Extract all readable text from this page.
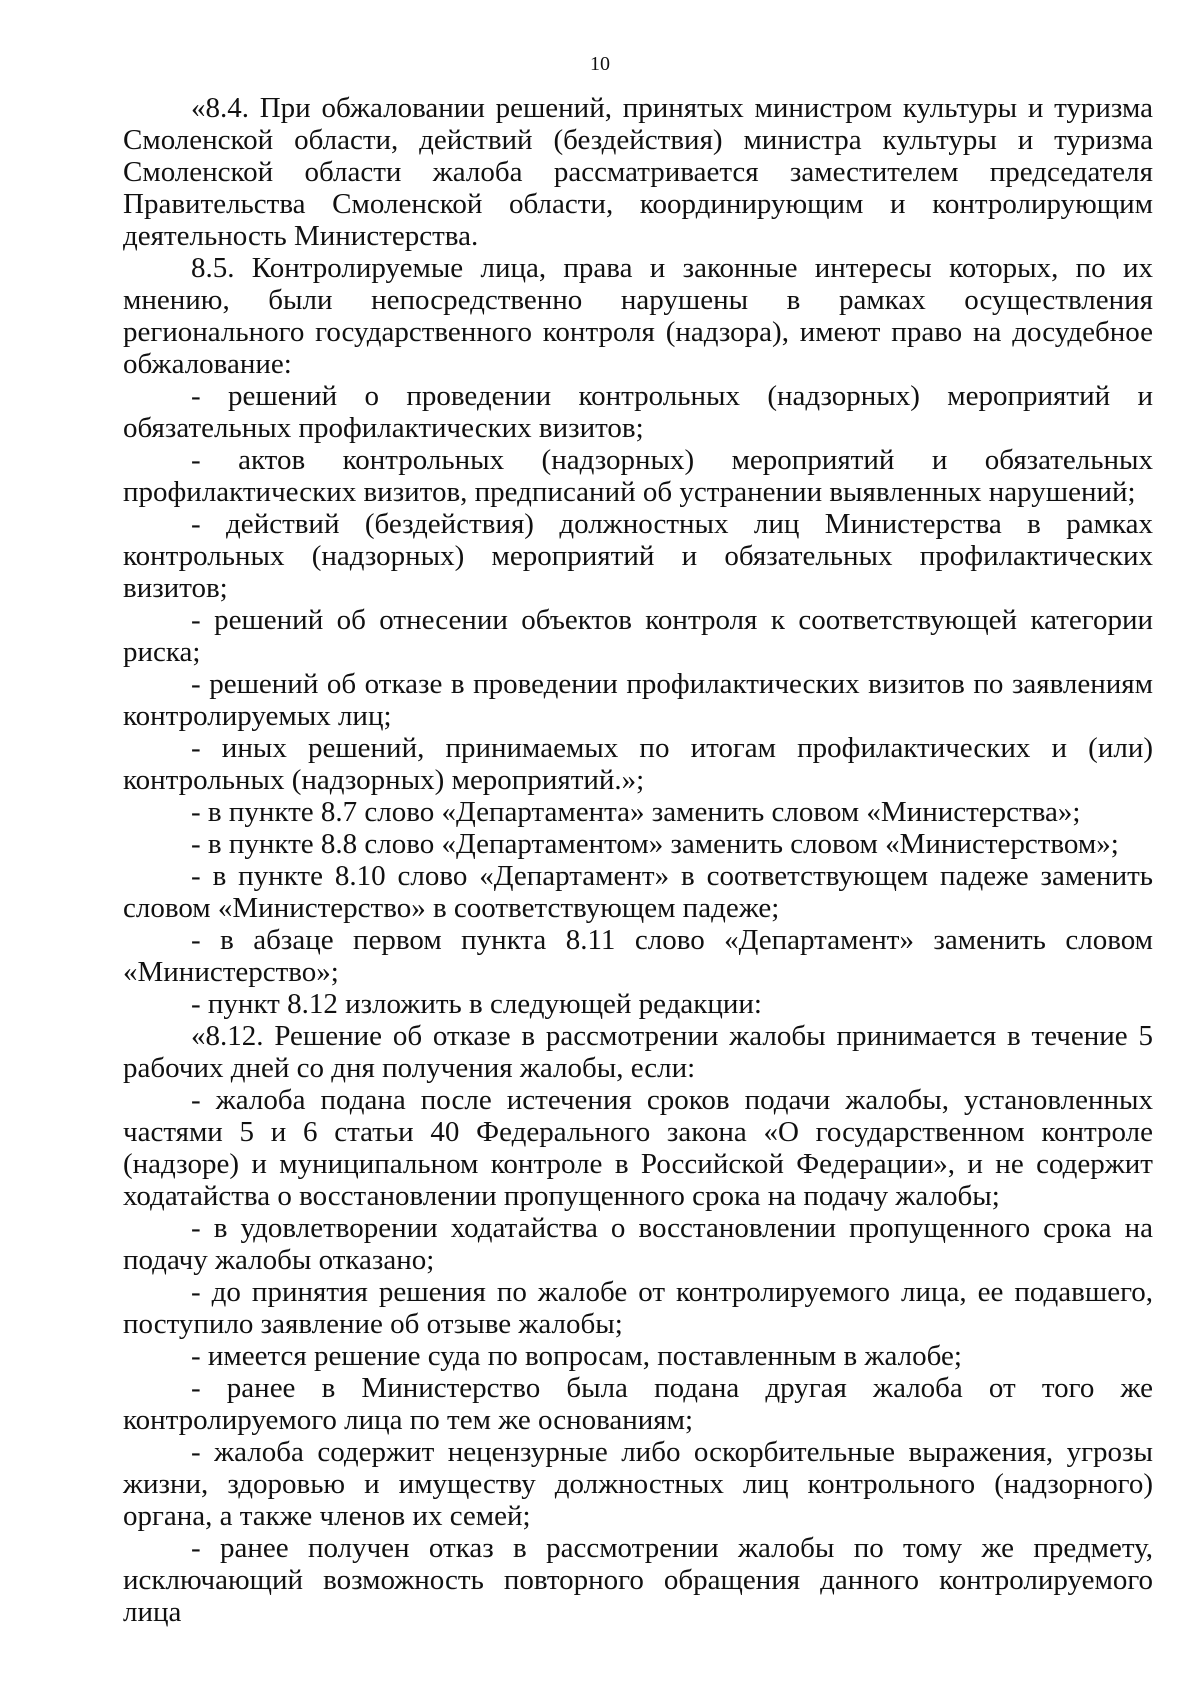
10

«8.4. При обжаловании решений, принятых министром культуры и туризма Смоленской области, действий (бездействия) министра культуры и туризма Смоленской области жалоба рассматривается заместителем председателя Правительства Смоленской области, координирующим и контролирующим деятельность Министерства.

8.5. Контролируемые лица, права и законные интересы которых, по их мнению, были непосредственно нарушены в рамках осуществления регионального государственного контроля (надзора), имеют право на досудебное обжалование:

- решений о проведении контрольных (надзорных) мероприятий и обязательных профилактических визитов;

- актов контрольных (надзорных) мероприятий и обязательных профилактических визитов, предписаний об устранении выявленных нарушений;

- действий (бездействия) должностных лиц Министерства в рамках контрольных (надзорных) мероприятий и обязательных профилактических визитов;

- решений об отнесении объектов контроля к соответствующей категории риска;

- решений об отказе в проведении профилактических визитов по заявлениям контролируемых лиц;

- иных решений, принимаемых по итогам профилактических и (или) контрольных (надзорных) мероприятий.»;

- в пункте 8.7 слово «Департамента» заменить словом «Министерства»;

- в пункте 8.8 слово «Департаментом» заменить словом «Министерством»;

- в пункте 8.10 слово «Департамент» в соответствующем падеже заменить словом «Министерство» в соответствующем падеже;

- в абзаце первом пункта 8.11 слово «Департамент» заменить словом «Министерство»;

- пункт 8.12 изложить в следующей редакции:

«8.12. Решение об отказе в рассмотрении жалобы принимается в течение 5 рабочих дней со дня получения жалобы, если:

- жалоба подана после истечения сроков подачи жалобы, установленных частями 5 и 6 статьи 40 Федерального закона «О государственном контроле (надзоре) и муниципальном контроле в Российской Федерации», и не содержит ходатайства о восстановлении пропущенного срока на подачу жалобы;

- в удовлетворении ходатайства о восстановлении пропущенного срока на подачу жалобы отказано;

- до принятия решения по жалобе от контролируемого лица, ее подавшего, поступило заявление об отзыве жалобы;

- имеется решение суда по вопросам, поставленным в жалобе;

- ранее в Министерство была подана другая жалоба от того же контролируемого лица по тем же основаниям;

- жалоба содержит нецензурные либо оскорбительные выражения, угрозы жизни, здоровью и имуществу должностных лиц контрольного (надзорного) органа, а также членов их семей;

- ранее получен отказ в рассмотрении жалобы по тому же предмету, исключающий возможность повторного обращения данного контролируемого лица
